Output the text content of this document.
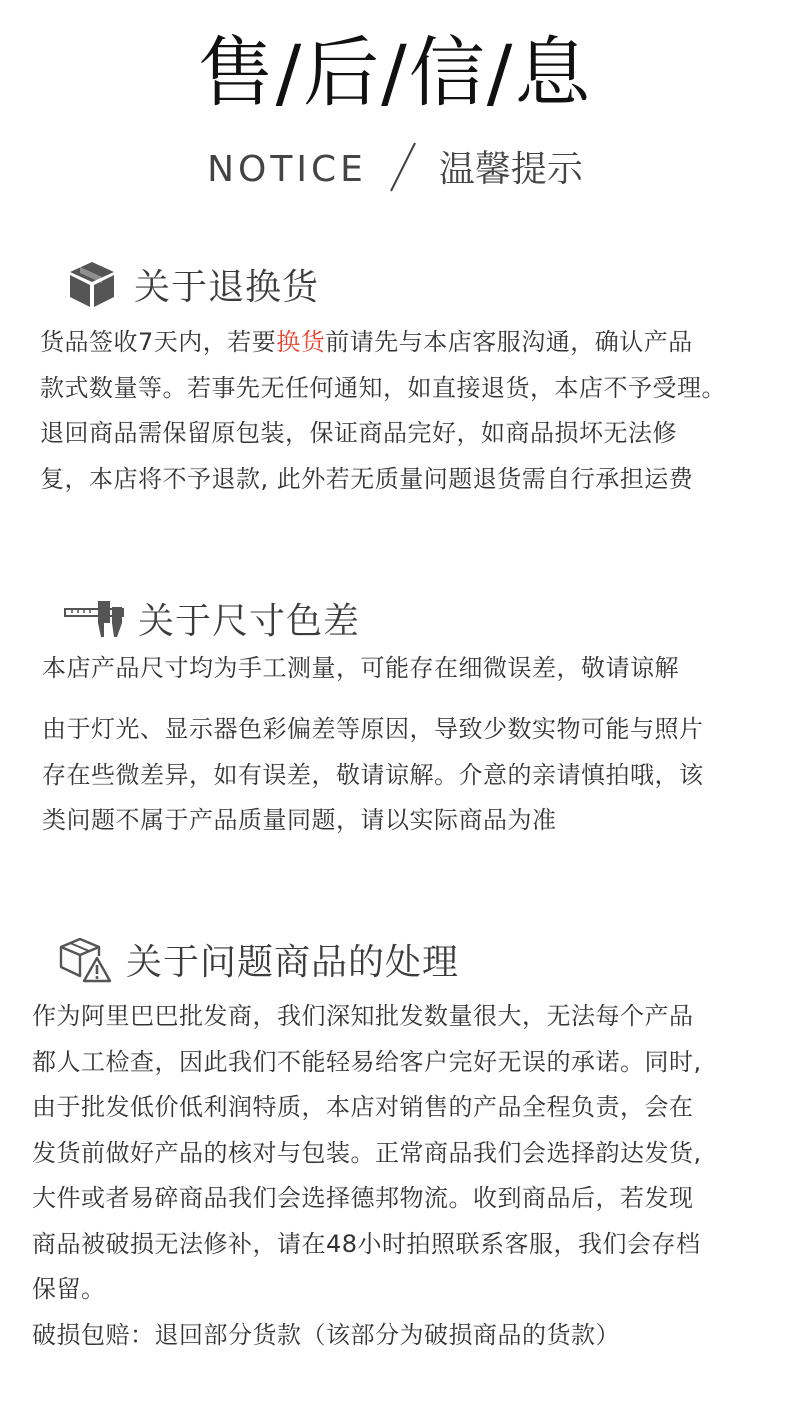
售/后/信/息
NOTICE 温馨提示
关于退换货
货品签收7天内，若要换货前请先与本店客服沟通，确认产品
款式数量等。若事先无任何通知，如直接退货，本店不予受理。
退回商品需保留原包装，保证商品完好，如商品损坏无法修
复，本店将不予退款, 此外若无质量问题退货需自行承担运费
关于尺寸色差
本店产品尺寸均为手工测量，可能存在细微误差，敬请谅解
由于灯光、显示器色彩偏差等原因，导致少数实物可能与照片
存在些微差异，如有误差，敬请谅解。介意的亲请慎拍哦，该
类问题不属于产品质量同题，请以实际商品为准
关于问题商品的处理
作为阿里巴巴批发商，我们深知批发数量很大，无法每个产品
都人工检查，因此我们不能轻易给客户完好无误的承诺。同时,
由于批发低价低利润特质，本店对销售的产品全程负责，会在
发货前做好产品的核对与包装。正常商品我们会选择韵达发货,
大件或者易碎商品我们会选择德邦物流。收到商品后，若发现
商品被破损无法修补，请在48小时拍照联系客服，我们会存档
保留。
破损包赔：退回部分货款（该部分为破损商品的货款）
